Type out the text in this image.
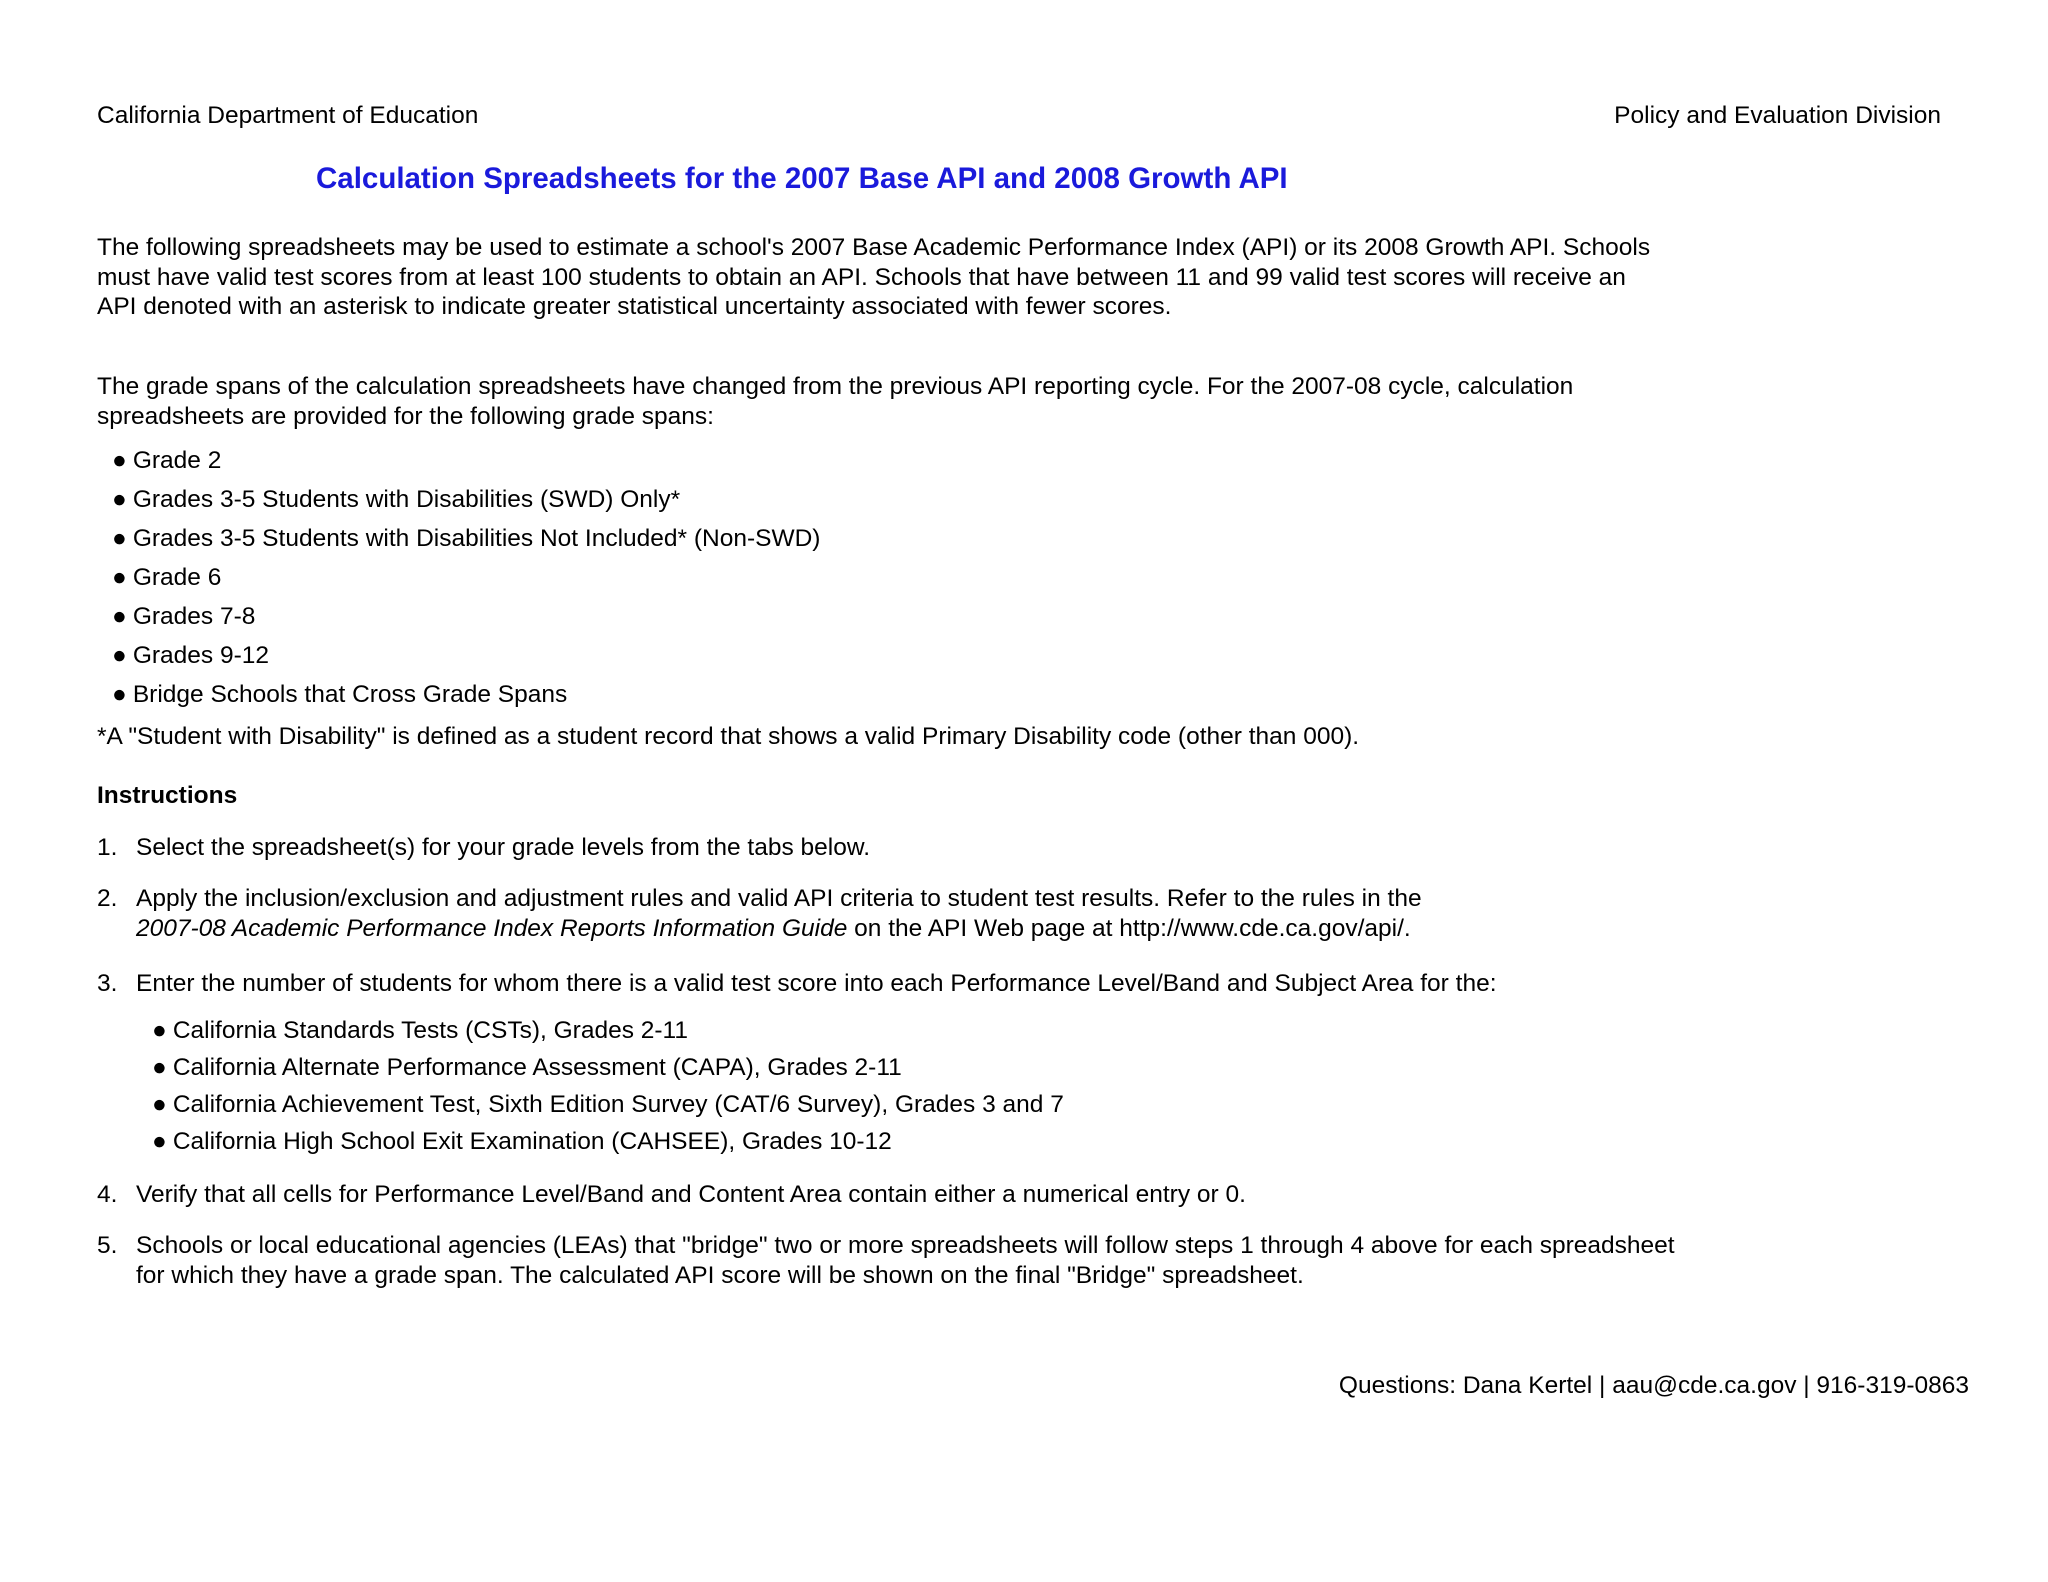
California Department of Education	Policy and Evaluation Division
Calculation Spreadsheets for the 2007 Base API and 2008 Growth API
The following spreadsheets may be used to estimate a school's 2007 Base Academic Performance Index (API) or its 2008 Growth API. Schools must have valid test scores from at least 100 students to obtain an API. Schools that have between 11 and 99 valid test scores will receive an API denoted with an asterisk to indicate greater statistical uncertainty associated with fewer scores.
The grade spans of the calculation spreadsheets have changed from the previous API reporting cycle. For the 2007-08 cycle, calculation spreadsheets are provided for the following grade spans:
● Grade 2
● Grades 3-5 Students with Disabilities (SWD) Only*
● Grades 3-5 Students with Disabilities Not Included* (Non-SWD)
● Grade 6
● Grades 7-8
● Grades 9-12
● Bridge Schools that Cross Grade Spans
*A "Student with Disability" is defined as a student record that shows a valid Primary Disability code (other than 000).
Instructions
1. Select the spreadsheet(s) for your grade levels from the tabs below.
2. Apply the inclusion/exclusion and adjustment rules and valid API criteria to student test results. Refer to the rules in the
2007-08 Academic Performance Index Reports Information Guide on the API Web page at http://www.cde.ca.gov/api/.
3. Enter the number of students for whom there is a valid test score into each Performance Level/Band and Subject Area for the:
● California Standards Tests (CSTs), Grades 2-11
● California Alternate Performance Assessment (CAPA), Grades 2-11
● California Achievement Test, Sixth Edition Survey (CAT/6 Survey), Grades 3 and 7
● California High School Exit Examination (CAHSEE), Grades 10-12
4. Verify that all cells for Performance Level/Band and Content Area contain either a numerical entry or 0.
5. Schools or local educational agencies (LEAs) that "bridge" two or more spreadsheets will follow steps 1 through 4 above for each spreadsheet for which they have a grade span. The calculated API score will be shown on the final "Bridge" spreadsheet.
Questions: Dana Kertel | aau@cde.ca.gov | 916-319-0863
